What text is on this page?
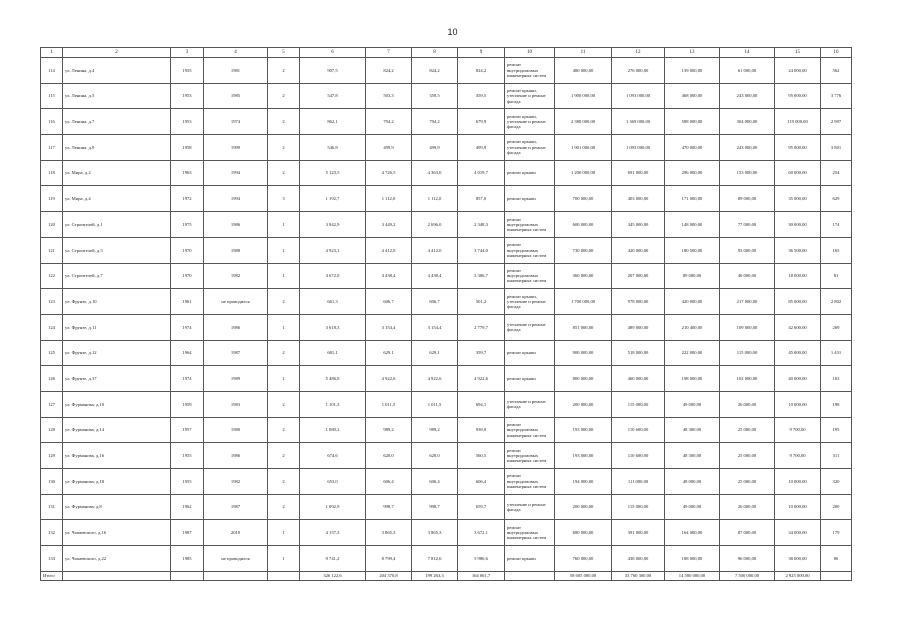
10
1	2	3	4	5	6	7	8	9	10	11	12	13	14	15	16
114	ул. Ленина, д.4	1955	1981	2	907,5	824,2	824,2	824,2	ремонт внутридомовых инженерных систем	480 000,00	276 000,00	139 000,00	61 000,00	24 000,00	562
115	ул. Ленина, д.5	1953	1985	2	547,8	503,3	359,5	359,5	ремонт крыши, утепление и ремонт фасада	1 900 000,00	1 093 000,00	468 000,00	243 000,00	95 000,00	3 776
116	ул. Ленина, д.7	1953	1974	2	862,1	794,2	794,2	679,9	ремонт крыши, утепление и ремонт фасада	2 380 000,00	1 369 000,00	588 000,00	304 000,00	119 000,00	2 997
117	ул. Ленина, д.9	1958	1999	2	546,8	499,9	499,9	499,9	ремонт крыши, утепление и ремонт фасада	1 901 000,00	1 093 000,00	470 000,00	243 000,00	95 000,00	3 801
118	ул. Мира, д.2	1963	1994	2	5 123,5	4 726,5	4 363,0	4 019,7	ремонт крыши	1 200 000,00	691 000,00	296 000,00	153 000,00	60 000,00	254
119	ул. Мира, д.4	1972	1994	3	1 192,7	1 112,0	1 112,0	857,0	ремонт крыши	700 000,00	403 000,00	171 000,00	89 000,00	35 000,00	629
120	ул. Строителей, д.1	1975	1986	1	3 842,9	3 449,2	2 696,0	2 348,3	ремонт внутридомовых инженерных систем	600 000,00	345 000,00	148 000,00	77 000,00	30 000,00	174
121	ул. Строителей, д.5	1970	1988	1	4 923,1	4 412,0	4 412,0	3 744,0	ремонт внутридомовых инженерных систем	730 000,00	420 000,00	180 500,00	93 000,00	36 500,00	165
122	ул. Строителей, д.7	1970	1982	1	4 672,0	4 438,4	4 438,4	3 306,7	ремонт внутридомовых инженерных систем	360 000,00	207 000,00	89 000,00	46 000,00	18 000,00	81
123	ул. Фрунзе, д.10	1961	не проводился	2	661,3	606,7	606,7	501,2	ремонт крыши, утепление и ремонт фасада	1 700 000,00	978 000,00	420 000,00	217 000,00	85 000,00	2 802
124	ул. Фрунзе, д.11	1974	1986	1	3 618,3	3 154,4	3 154,4	2 779,7	утепление и ремонт фасада	851 000,00	489 000,00	210 400,00	109 000,00	42 600,00	269
125	ул. Фрунзе, д.12	1964	1987	2	681,1	629,1	629,1	359,7	ремонт крыши	900 000,00	518 000,00	222 000,00	115 000,00	45 000,00	1 431
126	ул. Фрунзе, д.37	1974	1989	1	5 486,0	4 922,6	4 922,6	4 922,6	ремонт крыши	800 000,00	460 000,00	198 000,00	102 000,00	40 000,00	163
127	ул. Фурманова, д.10	1959	1983	2	1 101,3	1 011,5	1 011,5	694,1	утепление и ремонт фасада	200 000,00	115 000,00	49 000,00	26 000,00	10 000,00	198
128	ул. Фурманова, д.14	1957	1980	2	1 080,2	989,2	989,2	938,0	ремонт внутридомовых инженерных систем	193 000,00	110 600,00	48 300,00	25 000,00	9 700,00	195
129	ул. Фурманова, д.16	1955	1986	2	674,6	620,0	620,0	560,5	ремонт внутридомовых инженерных систем	193 000,00	110 600,00	48 300,00	25 000,00	9 700,00	311
130	ул. Фурманова, д.18	1955	1982	2	653,0	606,4	606,4	606,4	ремонт внутридомовых инженерных систем	194 000,00	111 000,00	48 000,00	25 000,00	10 000,00	320
131	ул. Фурманова, д.8	1962	1987	2	1 092,9	998,7	998,7	659,7	утепление и ремонт фасада	200 000,00	115 000,00	49 000,00	26 000,00	10 000,00	200
132	ул. Чапаевского, д.16	1987	2010	1	4 157,3	3 865,3	3 865,3	3 672,1	ремонт внутридомовых инженерных систем	680 000,00	391 000,00	164 000,00	87 000,00	34 000,00	179
133	ул. Чапаевского, д.22	1985	не проводился	1	9 741,2	8 799,4	7 812,6	5 986,6	ремонт крыши	760 000,00	438 000,00	188 000,00	96 000,00	38 000,00	86
Итого					326 122,6	204 370,8	199 263,3	164 061,7		58 605 000,00	33 760 300,00	14 500 000,00	7 500 000,00	2 925 000,00	
